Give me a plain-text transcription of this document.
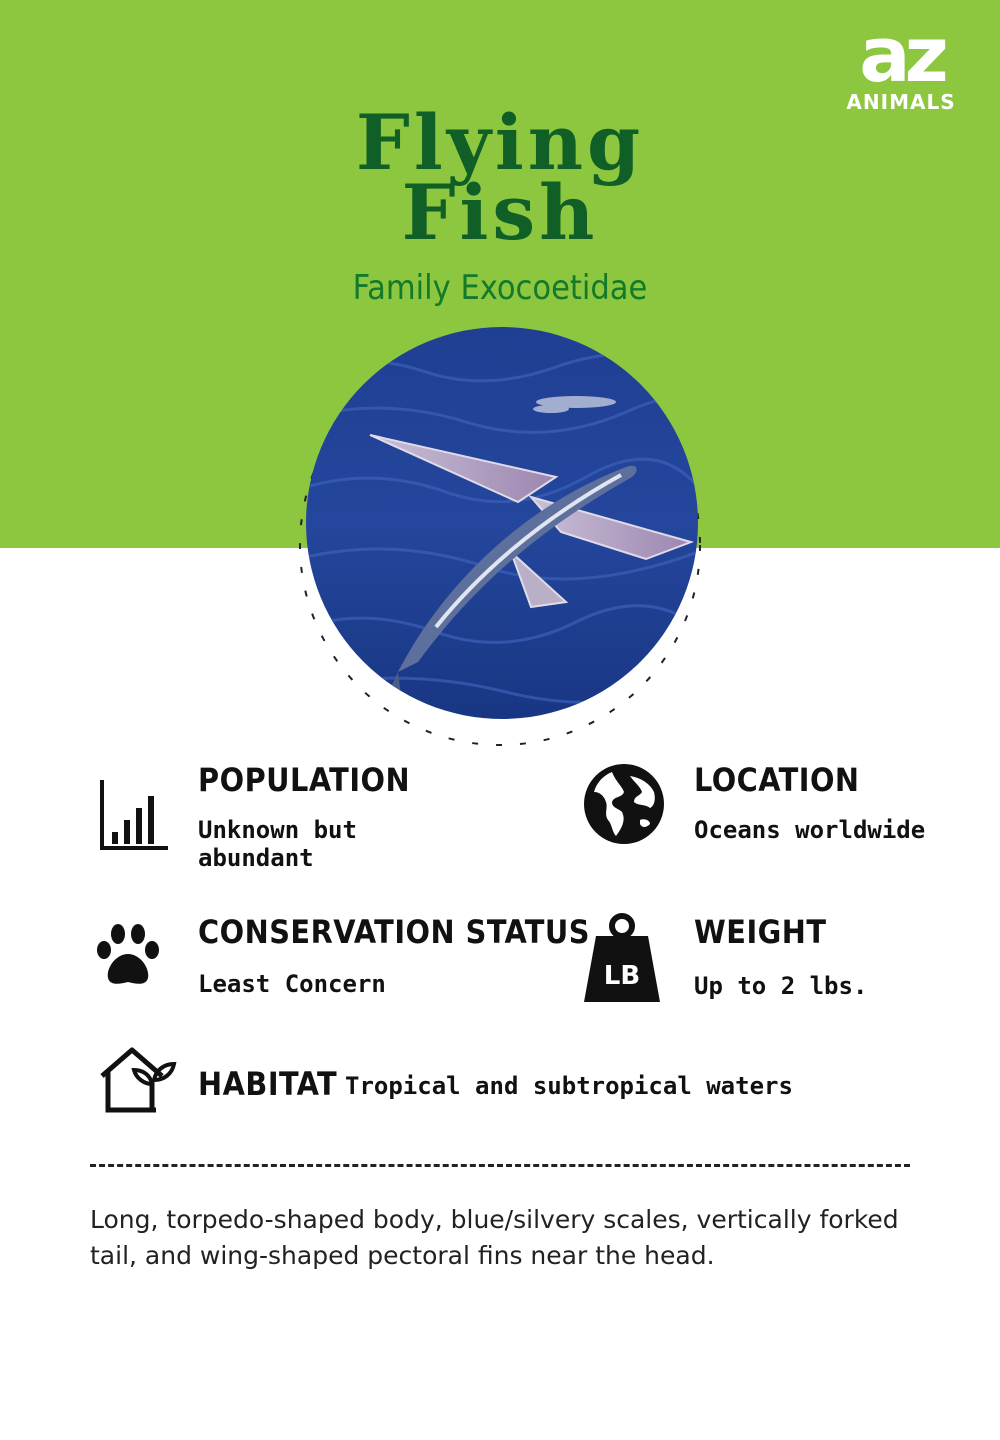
az
ANIMALS
Flying
Fish
Family Exocoetidae
POPULATION
Unknown but
abundant
LOCATION
Oceans worldwide
CONSERVATION STATUS
Least Concern	LB
WEIGHT
Up to 2 lbs.
HABITAT Tropical and subtropical waters
Long, torpedo-shaped body, blue/silvery scales, vertically forked tail, and wing-shaped pectoral fins near the head.
